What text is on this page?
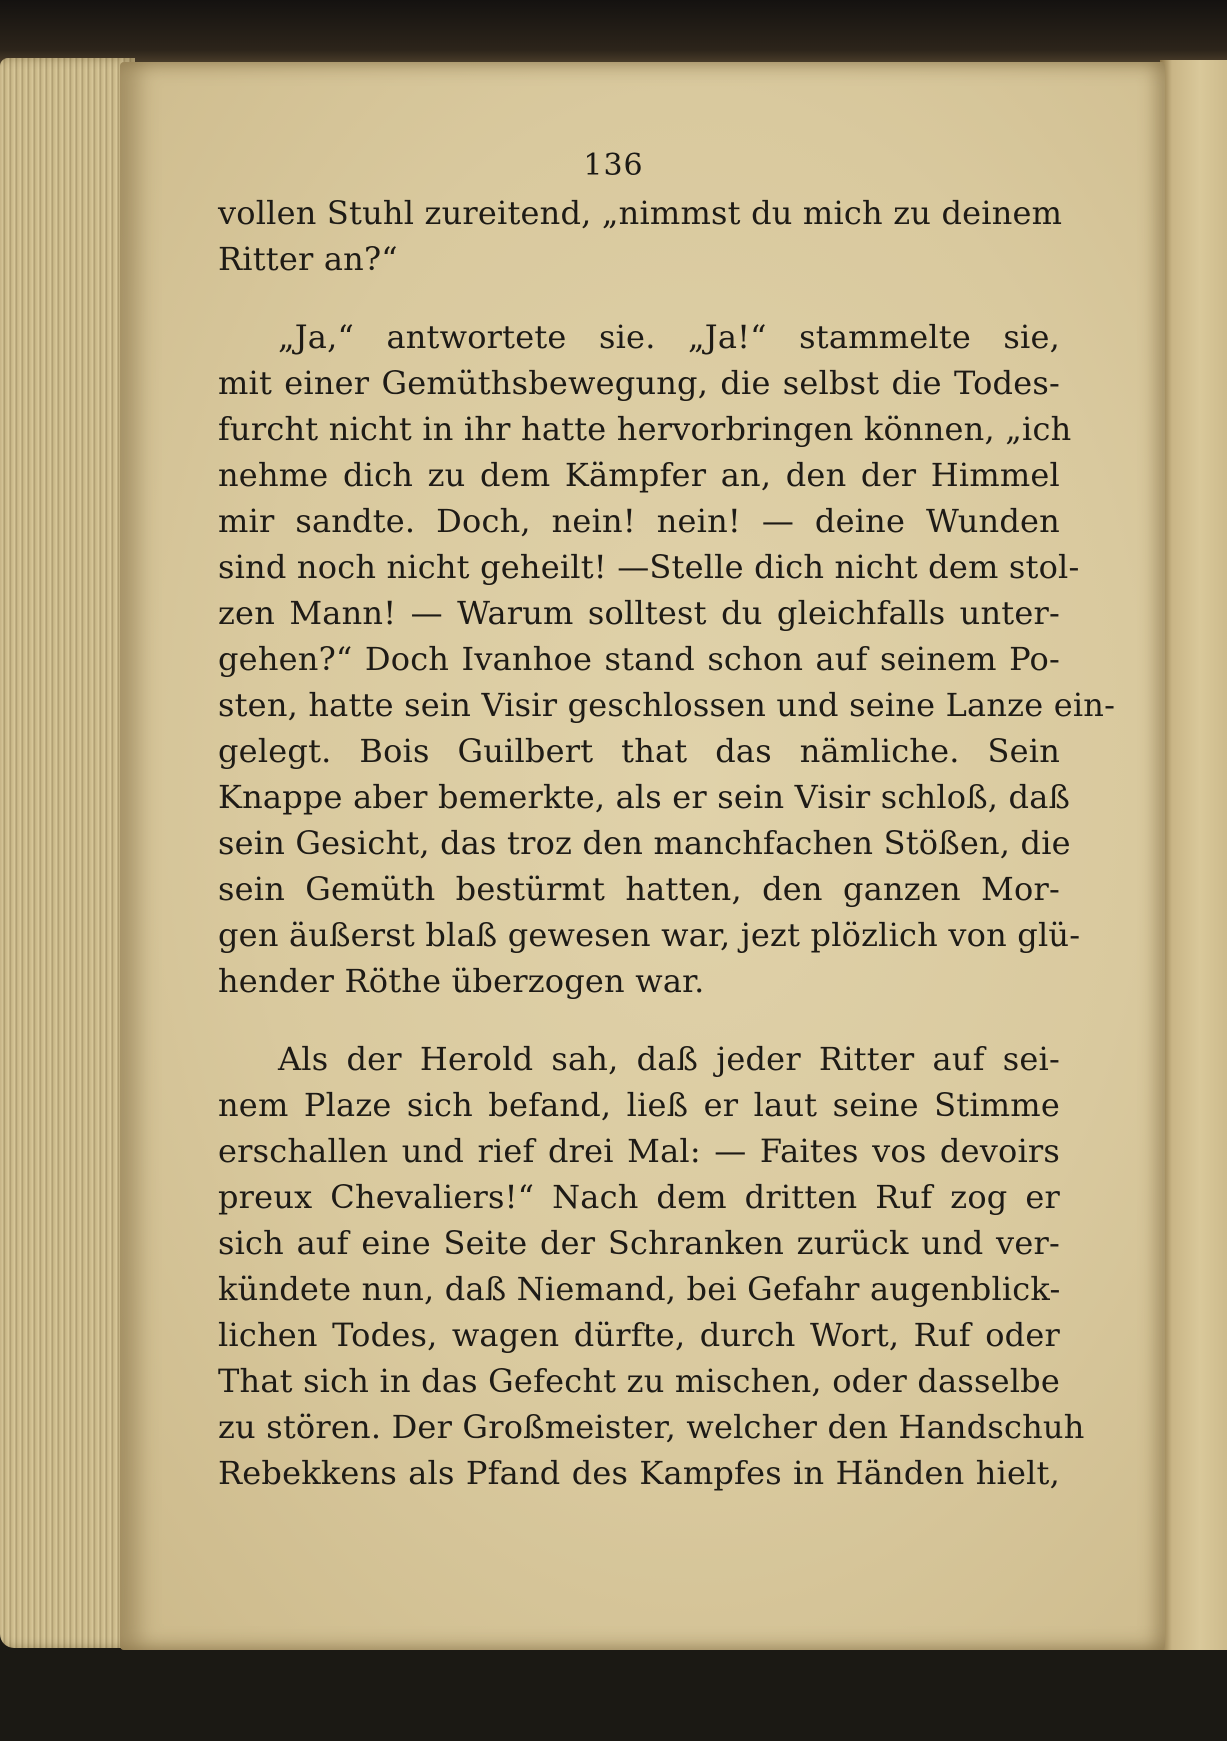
136
vollen Stuhl zureitend, „nimmst du mich zu deinem
Ritter an?“
„Ja,“ antwortete sie. „Ja!“ stammelte sie,
mit einer Gemüthsbewegung, die selbst die Todes-
furcht nicht in ihr hatte hervorbringen können, „ich
nehme dich zu dem Kämpfer an, den der Himmel
mir sandte. Doch, nein! nein! — deine Wunden
sind noch nicht geheilt! —Stelle dich nicht dem stol-
zen Mann! — Warum solltest du gleichfalls unter-
gehen?“ Doch Ivanhoe stand schon auf seinem Po-
sten, hatte sein Visir geschlossen und seine Lanze ein-
gelegt. Bois Guilbert that das nämliche. Sein
Knappe aber bemerkte, als er sein Visir schloß, daß
sein Gesicht, das troz den manchfachen Stößen, die
sein Gemüth bestürmt hatten, den ganzen Mor-
gen äußerst blaß gewesen war, jezt plözlich von glü-
hender Röthe überzogen war.
Als der Herold sah, daß jeder Ritter auf sei-
nem Plaze sich befand, ließ er laut seine Stimme
erschallen und rief drei Mal: — Faites vos devoirs
preux Chevaliers!“ Nach dem dritten Ruf zog er
sich auf eine Seite der Schranken zurück und ver-
kündete nun, daß Niemand, bei Gefahr augenblick-
lichen Todes, wagen dürfte, durch Wort, Ruf oder
That sich in das Gefecht zu mischen, oder dasselbe
zu stören. Der Großmeister, welcher den Handschuh
Rebekkens als Pfand des Kampfes in Händen hielt,
